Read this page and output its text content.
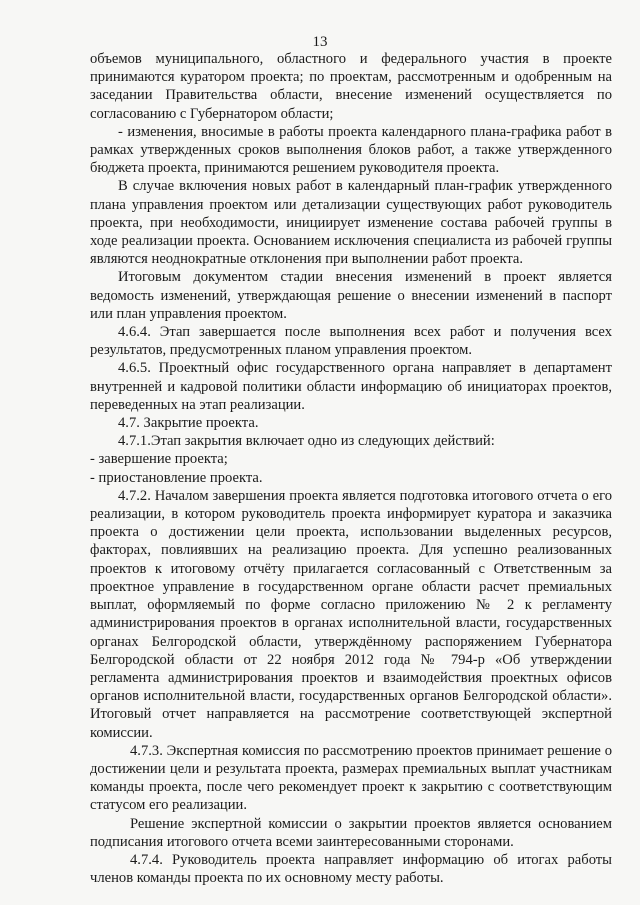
13

объемов муниципального, областного и федерального участия в проекте принимаются куратором проекта; по проектам, рассмотренным и одобренным на заседании Правительства области, внесение изменений осуществляется по согласованию с Губернатором области;

- изменения, вносимые в работы проекта календарного плана-графика работ в рамках утвержденных сроков выполнения блоков работ, а также утвержденного бюджета проекта, принимаются решением руководителя проекта.

В случае включения новых работ в календарный план-график утвержденного плана управления проектом или детализации существующих работ руководитель проекта, при необходимости, инициирует изменение состава рабочей группы в ходе реализации проекта. Основанием исключения специалиста из рабочей группы являются неоднократные отклонения при выполнении работ проекта.

Итоговым документом стадии внесения изменений в проект является ведомость изменений, утверждающая решение о внесении изменений в паспорт или план управления проектом.

4.6.4. Этап завершается после выполнения всех работ и получения всех результатов, предусмотренных планом управления проектом.

4.6.5. Проектный офис государственного органа направляет в департамент внутренней и кадровой политики области информацию об инициаторах проектов, переведенных на этап реализации.

4.7. Закрытие проекта.

4.7.1.Этап закрытия включает одно из следующих действий:

- завершение проекта;

- приостановление проекта.

4.7.2. Началом завершения проекта является подготовка итогового отчета о его реализации, в котором руководитель проекта информирует куратора и заказчика проекта о достижении цели проекта, использовании выделенных ресурсов, факторах, повлиявших на реализацию проекта. Для успешно реализованных проектов к итоговому отчёту прилагается согласованный с Ответственным за проектное управление в государственном органе области расчет премиальных выплат, оформляемый по форме согласно приложению № 2 к регламенту администрирования проектов в органах исполнительной власти, государственных органах Белгородской области, утверждённому распоряжением Губернатора Белгородской области от 22 ноября 2012 года № 794-р «Об утверждении регламента администрирования проектов и взаимодействия проектных офисов органов исполнительной власти, государственных органов Белгородской области». Итоговый отчет направляется на рассмотрение соответствующей экспертной комиссии.

4.7.3. Экспертная комиссия по рассмотрению проектов принимает решение о достижении цели и результата проекта, размерах премиальных выплат участникам команды проекта, после чего рекомендует проект к закрытию с соответствующим статусом его реализации.

Решение экспертной комиссии о закрытии проектов является основанием подписания итогового отчета всеми заинтересованными сторонами.

4.7.4. Руководитель проекта направляет информацию об итогах работы членов команды проекта по их основному месту работы.
